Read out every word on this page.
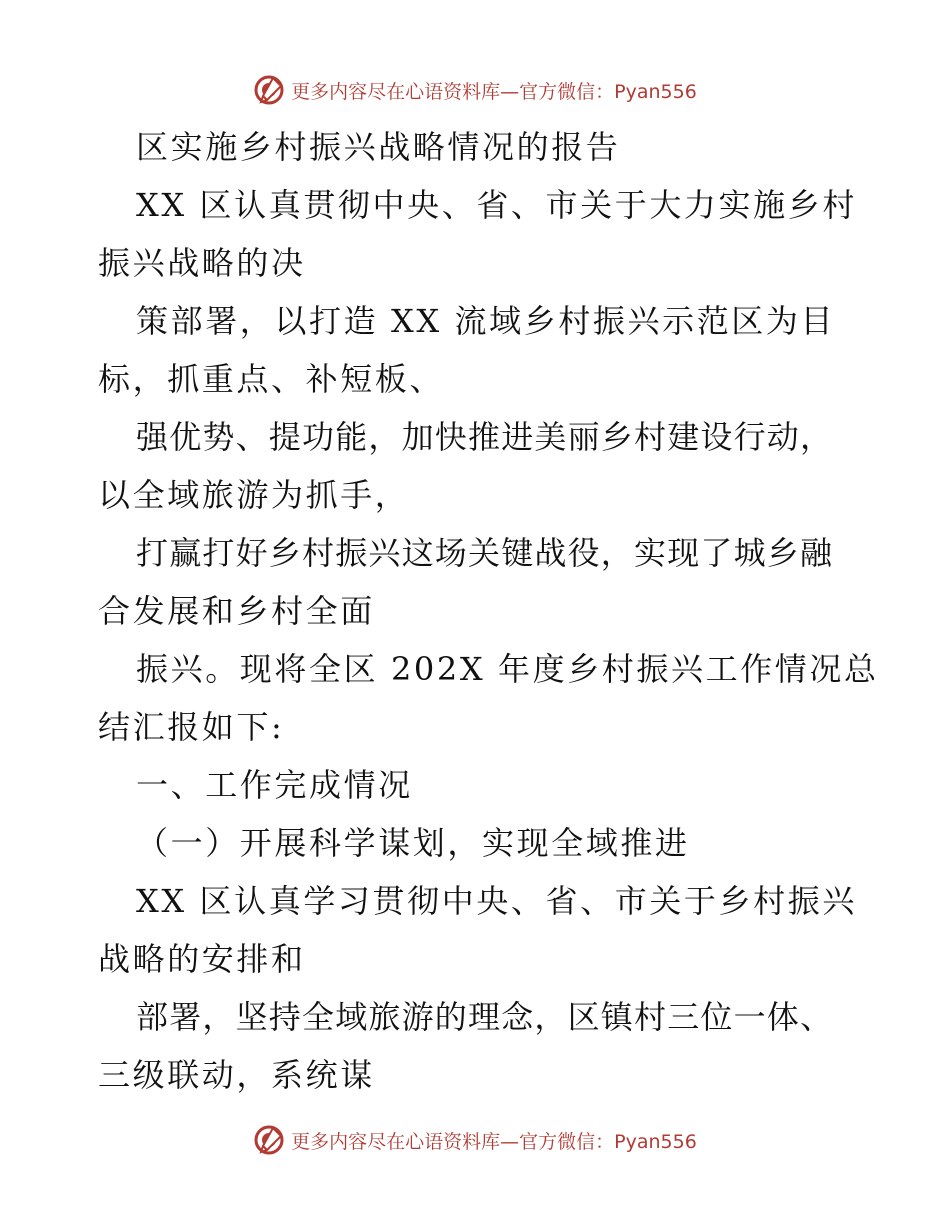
更多内容尽在心语资料库—官方微信：Pyan556
区实施乡村振兴战略情况的报告
XX 区认真贯彻中央、省、市关于大力实施乡村
振兴战略的决
策部署，以打造 XX 流域乡村振兴示范区为目
标，抓重点、补短板、
强优势、提功能，加快推进美丽乡村建设行动，
以全域旅游为抓手，
打赢打好乡村振兴这场关键战役，实现了城乡融
合发展和乡村全面
振兴。现将全区 202X 年度乡村振兴工作情况总
结汇报如下:
一、工作完成情况
（一）开展科学谋划，实现全域推进
XX 区认真学习贯彻中央、省、市关于乡村振兴
战略的安排和
部署，坚持全域旅游的理念，区镇村三位一体、
三级联动，系统谋
更多内容尽在心语资料库—官方微信：Pyan556
